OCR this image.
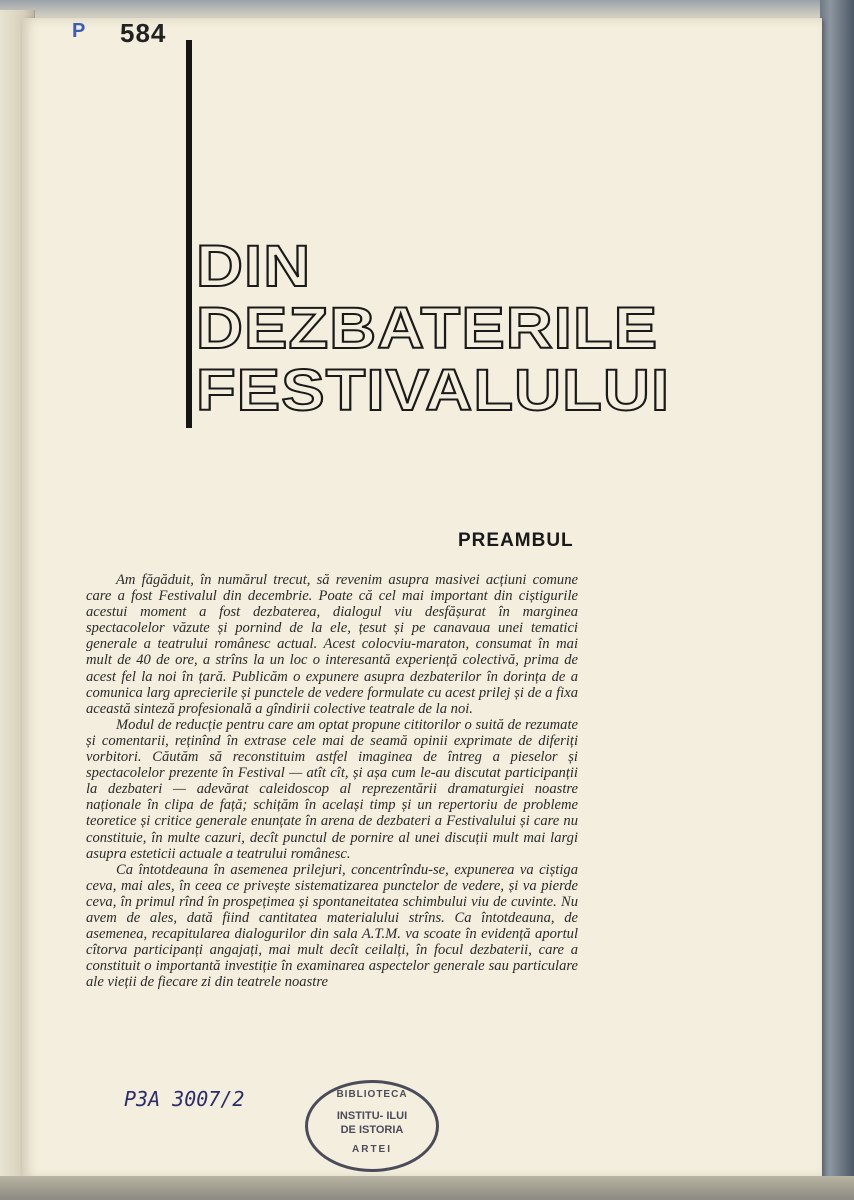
P 584
DIN
DEZBATERILE
FESTIVALULUI
PREAMBUL

Am făgăduit, în numărul trecut, să revenim asupra masivei acțiuni comune care a fost Festivalul din decembrie. Poate că cel mai important din ciștigurile acestui moment a fost dezbaterea, dialogul viu desfășurat în marginea spectacolelor văzute și pornind de la ele, țesut și pe canavaua unei tematici generale a teatrului românesc actual. Acest colocviu-maraton, consumat în mai mult de 40 de ore, a strîns la un loc o interesantă experiență colectivă, prima de acest fel la noi în țară. Publicăm o expunere asupra dezbaterilor în dorința de a comunica larg aprecierile și punctele de vedere formulate cu acest prilej și de a fixa această sinteză profesională a gîndirii colective teatrale de la noi.

Modul de reducție pentru care am optat propune cititorilor o suită de rezumate și comentarii, reținînd în extrase cele mai de seamă opinii exprimate de diferiți vorbitori. Căutăm să reconstituim astfel imaginea de întreg a pieselor și spectacolelor prezente în Festival — atît cît, și așa cum le-au discutat participanții la dezbateri — adevărat caleidoscop al reprezentării dramaturgiei noastre naționale în clipa de față; schițăm în același timp și un repertoriu de probleme teoretice și critice generale enunțate în arena de dezbateri a Festivalului și care nu constituie, în multe cazuri, decît punctul de pornire al unei discuții mult mai largi asupra esteticii actuale a teatrului românesc.

Ca întotdeauna în asemenea prilejuri, concentrîndu-se, expunerea va ciștiga ceva, mai ales, în ceea ce privește sistematizarea punctelor de vedere, și va pierde ceva, în primul rînd în prospețimea și spontaneitatea schimbului viu de cuvinte. Nu avem de ales, dată fiind cantitatea materialului strîns. Ca întotdeauna, de asemenea, recapitularea dialogurilor din sala A.T.M. va scoate în evidență aportul cîtorva participanți angajați, mai mult decît ceilalți, în focul dezbaterii, care a constituit o importantă investiție în examinarea aspectelor generale sau particulare ale vieții de fiecare zi din teatrele noastre

P3A 3007/2	BIBLIOTECA
INSTITU- ILUI
DE ISTORIA
ARTEI
